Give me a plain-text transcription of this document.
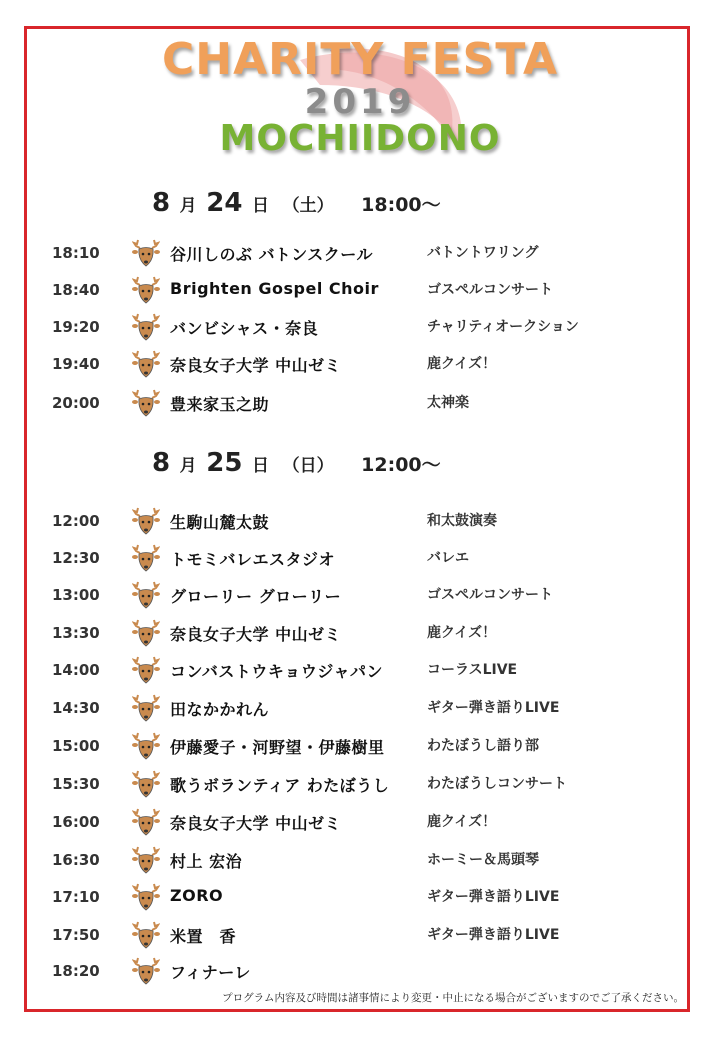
CHARITY FESTA
2019
MOCHIIDONO
8 月 24 日 （土） 18:00～
18:10	谷川しのぶ バトンスクール	バトントワリング
18:40	Brighten Gospel Choir	ゴスペルコンサート
19:20	バンビシャス・奈良	チャリティオークション
19:40	奈良女子大学 中山ゼミ	鹿クイズ！
20:00	豊来家玉之助	太神楽
8 月 25 日 （日） 12:00～
12:00	生駒山麓太鼓	和太鼓演奏
12:30	トモミバレエスタジオ	バレエ
13:00	グローリー グローリー	ゴスペルコンサート
13:30	奈良女子大学 中山ゼミ	鹿クイズ！
14:00	コンバストウキョウジャパン	コーラスLIVE
14:30	田なかかれん	ギター弾き語りLIVE
15:00	伊藤愛子・河野望・伊藤樹里	わたぼうし語り部
15:30	歌うボランティア わたぼうし	わたぼうしコンサート
16:00	奈良女子大学 中山ゼミ	鹿クイズ！
16:30	村上 宏治	ホーミー＆馬頭琴
17:10	ZORO	ギター弾き語りLIVE
17:50	米置　香	ギター弾き語りLIVE
18:20	フィナーレ
プログラム内容及び時間は諸事情により変更・中止になる場合がございますのでご了承ください。
